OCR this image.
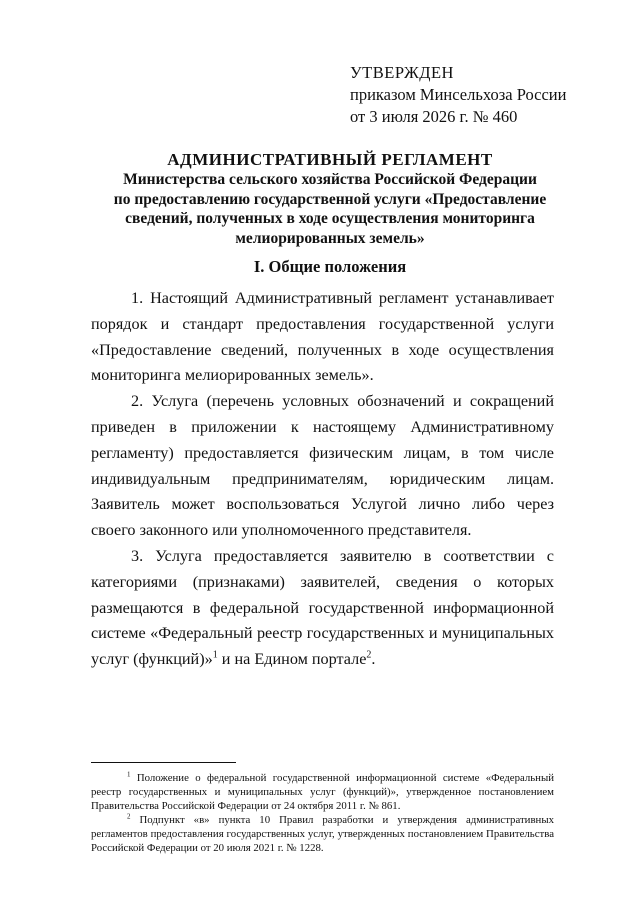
УТВЕРЖДЕН
приказом Минсельхоза России
от 3 июля 2026 г. № 460
АДМИНИСТРАТИВНЫЙ РЕГЛАМЕНТ
Министерства сельского хозяйства Российской Федерации
по предоставлению государственной услуги «Предоставление
сведений, полученных в ходе осуществления мониторинга
мелиорированных земель»
I. Общие положения

1. Настоящий Административный регламент устанавливает порядок и стандарт предоставления государственной услуги «Предоставление сведений, полученных в ходе осуществления мониторинга мелиорированных земель».

2. Услуга (перечень условных обозначений и сокращений приведен в приложении к настоящему Административному регламенту) предоставляется физическим лицам, в том числе индивидуальным предпринимателям, юридическим лицам. Заявитель может воспользоваться Услугой лично либо через своего законного или уполномоченного представителя.

3. Услуга предоставляется заявителю в соответствии с категориями (признаками) заявителей, сведения о которых размещаются в федеральной государственной информационной системе «Федеральный реестр государственных и муниципальных услуг (функций)»$^1$ и на Едином портале$^2$.

$^1$ Положение о федеральной государственной информационной системе «Федеральный реестр государственных и муниципальных услуг (функций)», утвержденное постановлением Правительства Российской Федерации от 24 октября 2011 г. № 861.

$^2$ Подпункт «в» пункта 10 Правил разработки и утверждения административных регламентов предоставления государственных услуг, утвержденных постановлением Правительства Российской Федерации от 20 июля 2021 г. № 1228.
